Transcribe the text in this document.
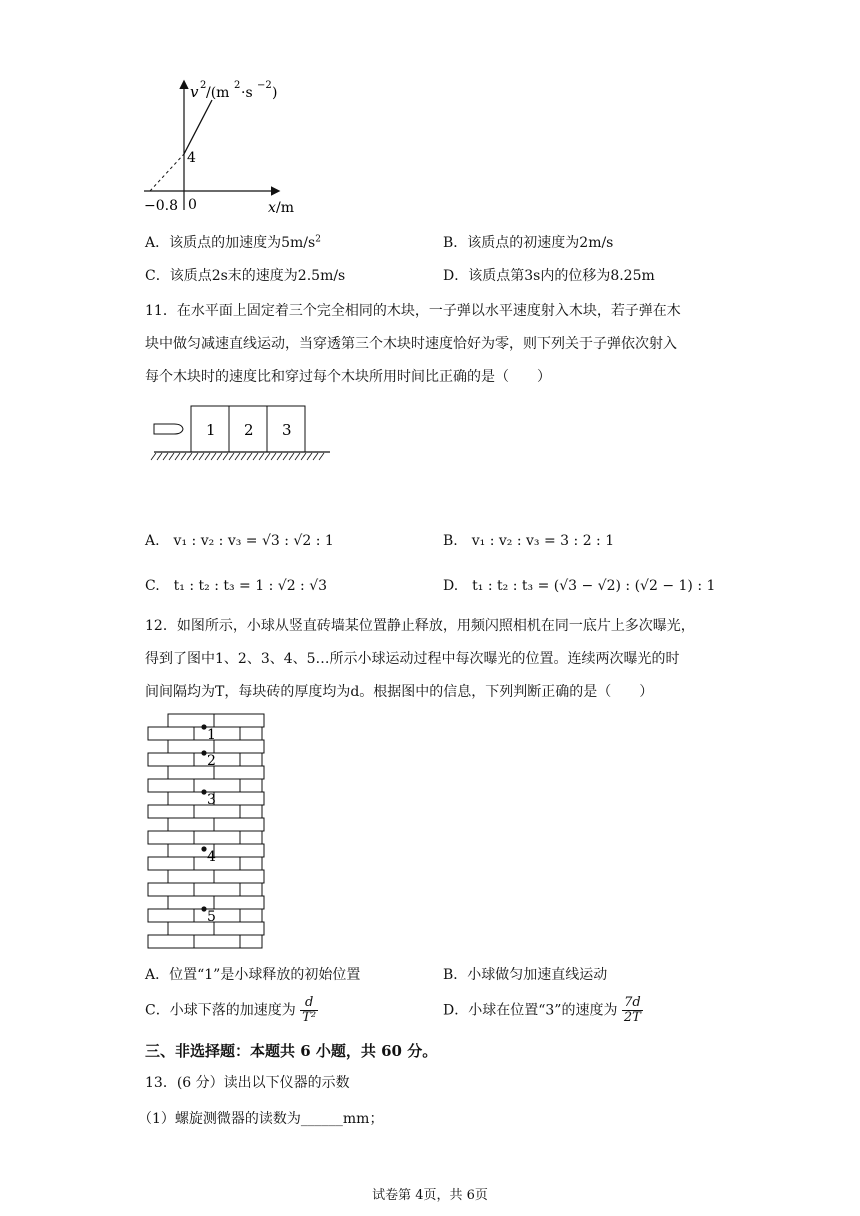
v 2 /(m 2 ·s −2 )
4
−0.8 0	x /m
A．该质点的加速度为$5m/s^2$	B．该质点的初速度为2m/s
C．该质点2s末的速度为2.5m/s	D．该质点第3s内的位移为8.25m
11．在水平面上固定着三个完全相同的木块，一子弹以水平速度射入木块，若子弹在木
块中做匀减速直线运动，当穿透第三个木块时速度恰好为零，则下列关于子弹依次射入
每个木块时的速度比和穿过每个木块所用时间比正确的是（　　）
1 2 3
A.　v₁ : v₂ : v₃ = √3 : √2 : 1	B.　v₁ : v₂ : v₃ = 3 : 2 : 1
C.　t₁ : t₂ : t₃ = 1 : √2 : √3	D.　t₁ : t₂ : t₃ = (√3 − √2) : (√2 − 1) : 1
12．如图所示，小球从竖直砖墙某位置静止释放，用频闪照相机在同一底片上多次曝光，
得到了图中1、2、3、4、5…所示小球运动过程中每次曝光的位置。连续两次曝光的时
间间隔均为T，每块砖的厚度均为d。根据图中的信息，下列判断正确的是（　　）
1
2
3
4
5
A．位置“1”是小球释放的初始位置	B．小球做匀加速直线运动
C．小球下落的加速度为 $\frac{d}{\text{T²}}$	D．小球在位置“3”的速度为 $\frac{7d}{2T}$
三、非选择题：本题共 6 小题，共 60 分。
13．(6 分）读出以下仪器的示数
（1）螺旋测微器的读数为______mm；
试卷第 4页，共 6页
